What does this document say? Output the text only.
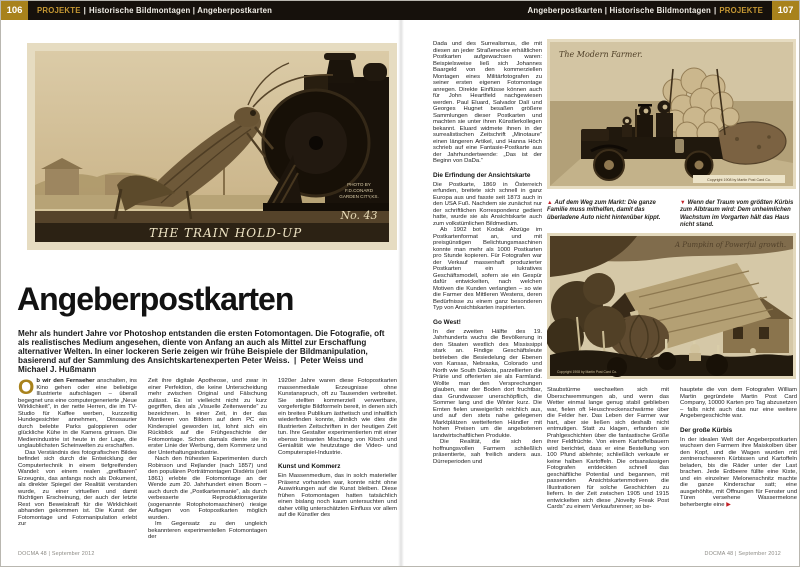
106	PROJEKTE | Historische Bildmontagen | Angeberpostkarten	Angeberpostkarten | Historische Bildmontagen | PROJEKTE	107
THE TRAIN HOLD-UP
PHOTO BY
F.D.CONARD
GARDEN CITY,KS.
No. 43
Angeberpostkarten

Mehr als hundert Jahre vor Photoshop entstanden die ersten Fotomontagen. Die Fotografie, oft als realistisches Medium angesehen, diente von Anfang an auch als Mittel zur Erschaffung alternativer Welten. In einer lockeren Serie zeigen wir frühe Beispiele der Bildmanipulation, basierend auf der Sammlung des Ansichtskartenexperten Peter Weiss. | Peter Weiss und Michael J. Hußmann

Ob wir den Fernseher anschalten, ins Kino gehen oder eine beliebige Illustrierte aufschlagen – überall begegnet uns eine computergenerierte „Neue Wirklichkeit“, in der nette Herren, die im TV-Studio für Kaffee werben, kurzzeitig Hundegesichter annehmen, Dinosaurier durch belebte Parks galoppieren oder glückliche Kühe in die Kamera grinsen. Die Medienindustrie ist heute in der Lage, die unglaublichsten Scheinwelten zu erschaffen.

Das Verständnis des fotografischen Bildes befindet sich durch die Entwicklung der Computertechnik in einem tiefgreifenden Wandel: von einem realen „greifbaren“ Erzeugnis, das anfangs noch als Dokument, als direkter Spiegel der Realität verstanden wurde, zu einer virtuellen und damit flüchtigen Erscheinung, der auch der letzte Rest von Beweiskraft für die Wirklichkeit abhanden gekommen ist. Die Kunst der Fotomontage und Fotomanipulation erlebt zur

Zeit ihre digitale Apotheose, und zwar in einer Perfektion, die keine Unterscheidung mehr zwischen Original und Fälschung zulässt. Es ist vielleicht nicht zu kurz gegriffen, dies als „Visuelle Zeitenwende“ zu bezeichnen. In einer Zeit, in der das Montieren von Bildern auf dem PC ein Kinderspiel geworden ist, lohnt sich ein Rückblick auf die Frühgeschichte der Fotomontage. Schon damals diente sie in erster Linie der Werbung, dem Kommerz und der Unterhaltungsindustrie.

Nach den frühesten Experimenten durch Robinson und Rejlander (nach 1857) und den populären Porträtmontagen Disdéris (seit 1861) erlebte die Fotomontage an der Wende zum 20. Jahrhundert einen Boom – auch durch die „Postkartenmanie“, als durch verbesserte Reproduktionsgeräte (sogenannte Rotophotomaschinen) riesige Auflagen von Fotopostkarten möglich wurden.

Im Gegensatz zu den ungleich bekannteren experimentellen Fotomontagen der

1920er Jahre waren diese Fotopostkarten massenmediale Erzeugnisse ohne Kunstanspruch, oft zu Tausenden verbreitet. Sie stellten kommerziell verwertbare, vorgefertigte Bildformeln bereit, in denen sich ein breites Publikum ästhetisch und inhaltlich wiederfinden konnte, ähnlich wie dies die illustrierten Zeitschriften in der heutigen Zeit tun. Ihre Gestalter experimentierten mit einer ebenso brisanten Mischung von Kitsch und Genialität wie heutzutage die Video- und Computerspiel-Industrie.

Kunst und Kommerz

Ein Massenmedium, das in solch materieller Präsenz vorhanden war, konnte nicht ohne Auswirkungen auf die Kunst bleiben. Diese frühen Fotomontagen hatten tatsächlich einen bislang noch kaum untersuchten und daher völlig unterschätzten Einfluss vor allem auf die Künstler des

DOCMA 48 | September 2012

Dada und des Surrealismus, die mit diesen an jeder Straßenecke erhältlichen Postkarten aufgewachsen waren: Beispielsweise ließ sich Johannes Baargeld von den kommerziellen Montagen eines Militärfotografen zu seiner ersten eigenen Fotomontage anregen. Direkte Einflüsse können auch für John Heartfield nachgewiesen werden. Paul Eluard, Salvador Dalí und Georges Hugnet besaßen größere Sammlungen dieser Postkarten und machten sie unter ihren Künstlerkollegen bekannt. Eluard widmete ihnen in der surrealistischen Zeitschrift „Minotaure“ einen längeren Artikel, und Hanna Höch schrieb auf eine Fantasie-Postkarte aus der Jahrhundertwende: „Das ist der Beginn von DaDa.“

Die Erfindung der Ansichtskarte

Die Postkarte, 1869 in Österreich erfunden, breitete sich schnell in ganz Europa aus und fasste seit 1873 auch in den USA Fuß. Nachdem sie zunächst nur der schriftlichen Korrespondenz gedient hatte, wurde sie als Ansichtskarte auch zum volkstümlichen Bildmedium.

Ab 1902 bot Kodak Abzüge im Postkartenformat an, und mit preisgünstigen Belichtungsmaschinen konnte man mehr als 1000 Postkarten pro Stunde kopieren. Für Fotografen war der Verkauf massenhaft produzierter Postkarten ein lukratives Geschäftsmodell, sofern sie ein Gespür dafür entwickelten, nach welchen Motiven die Kunden verlangten – so wie die Farmer des Mittleren Westens, deren Bedürfnisse zu einem ganz besonderen Typ von Ansichtskarten inspirierten.

Go West!

In der zweiten Hälfte des 19. Jahrhunderts wuchs die Bevölkerung in den Staaten westlich des Mississippi stark an. Findige Geschäftsleute betrieben die Besiedelung der Ebenen von Kansas, Nebraska, Colorado und North wie South Dakota, parzellierten die Prärie und offerierten sie als Farmland. Wollte man den Versprechungen glauben, war der Boden dort fruchtbar, das Grundwasser unerschöpflich, die Sommer lang und die Winter kurz. Die Ernten fielen unweigerlich reichlich aus, und auf den stets nahe gelegenen Marktplätzen wetteiferten Händler mit hohen Preisen um die angebotenen landwirtschaftlichen Produkte.

Die Realität, die sich den hoffnungsvollen Farmern schließlich präsentierte, sah freilich anders aus. Dürreperioden und

The Modern Farmer.
Copyright 1908 by Martin Post Card Co.

▲ Auf dem Weg zum Markt: Die ganze Familie muss mithelfen, damit das überladene Auto nicht hintenüber kippt.

▼ Wenn der Traum vom größten Kürbis zum Albtraum wird: Dem unheimlichen Wachstum im Vorgarten hält das Haus nicht stand.

A Pumpkin of Powerful growth.
Copyright 1908 by Martin Post Card Co.

Staubstürme wechselten sich mit Überschwemmungen ab, und wenn das Wetter einmal lange genug stabil geblieben war, fielen oft Heuschreckenschwärme über die Felder her. Das Leben der Farmer war hart, aber sie ließen sich deshalb nicht entmutigen. Statt zu klagen, erfanden sie Prahlgeschichten über die fantastische Größe ihrer Feldfrüchte. Von einem Kartoffelbauern wird berichtet, dass er eine Bestellung von 100 Pfund ablehnte; schließlich verkaufe er keine halben Kartoffeln. Die ortsansässigen Fotografen entdeckten schnell das geschäftliche Potential und begannen, mit passenden Ansichtskartenmotiven die Illustrationen für solche Geschichten zu liefern. In der Zeit zwischen 1905 und 1915 entwickelten sich diese „Novelty Freak Post Cards“ zu einem Verkaufsrenner; so be-

hauptete die von dem Fotografen William Martin gegründete Martin Post Card Company, 10000 Karten pro Tag abzusetzen – falls nicht auch das nur eine weitere Angebergeschichte war.

Der große Kürbis

In der idealen Welt der Angeberpostkarten wuchsen den Farmern ihre Maiskolben über den Kopf, und die Wagen wurden mit zentnerschweren Kürbissen und Kartoffeln beladen, bis die Räder unter der Last brachen. Jede Erdbeere füllte eine Kiste, und ein einzelner Melonenschnitz machte die ganze Kinderschar satt; eine ausgehöhlte, mit Öffnungen für Fenster und Türen versehene Wassermelone beherbergte eine ▶

DOCMA 48 | September 2012
